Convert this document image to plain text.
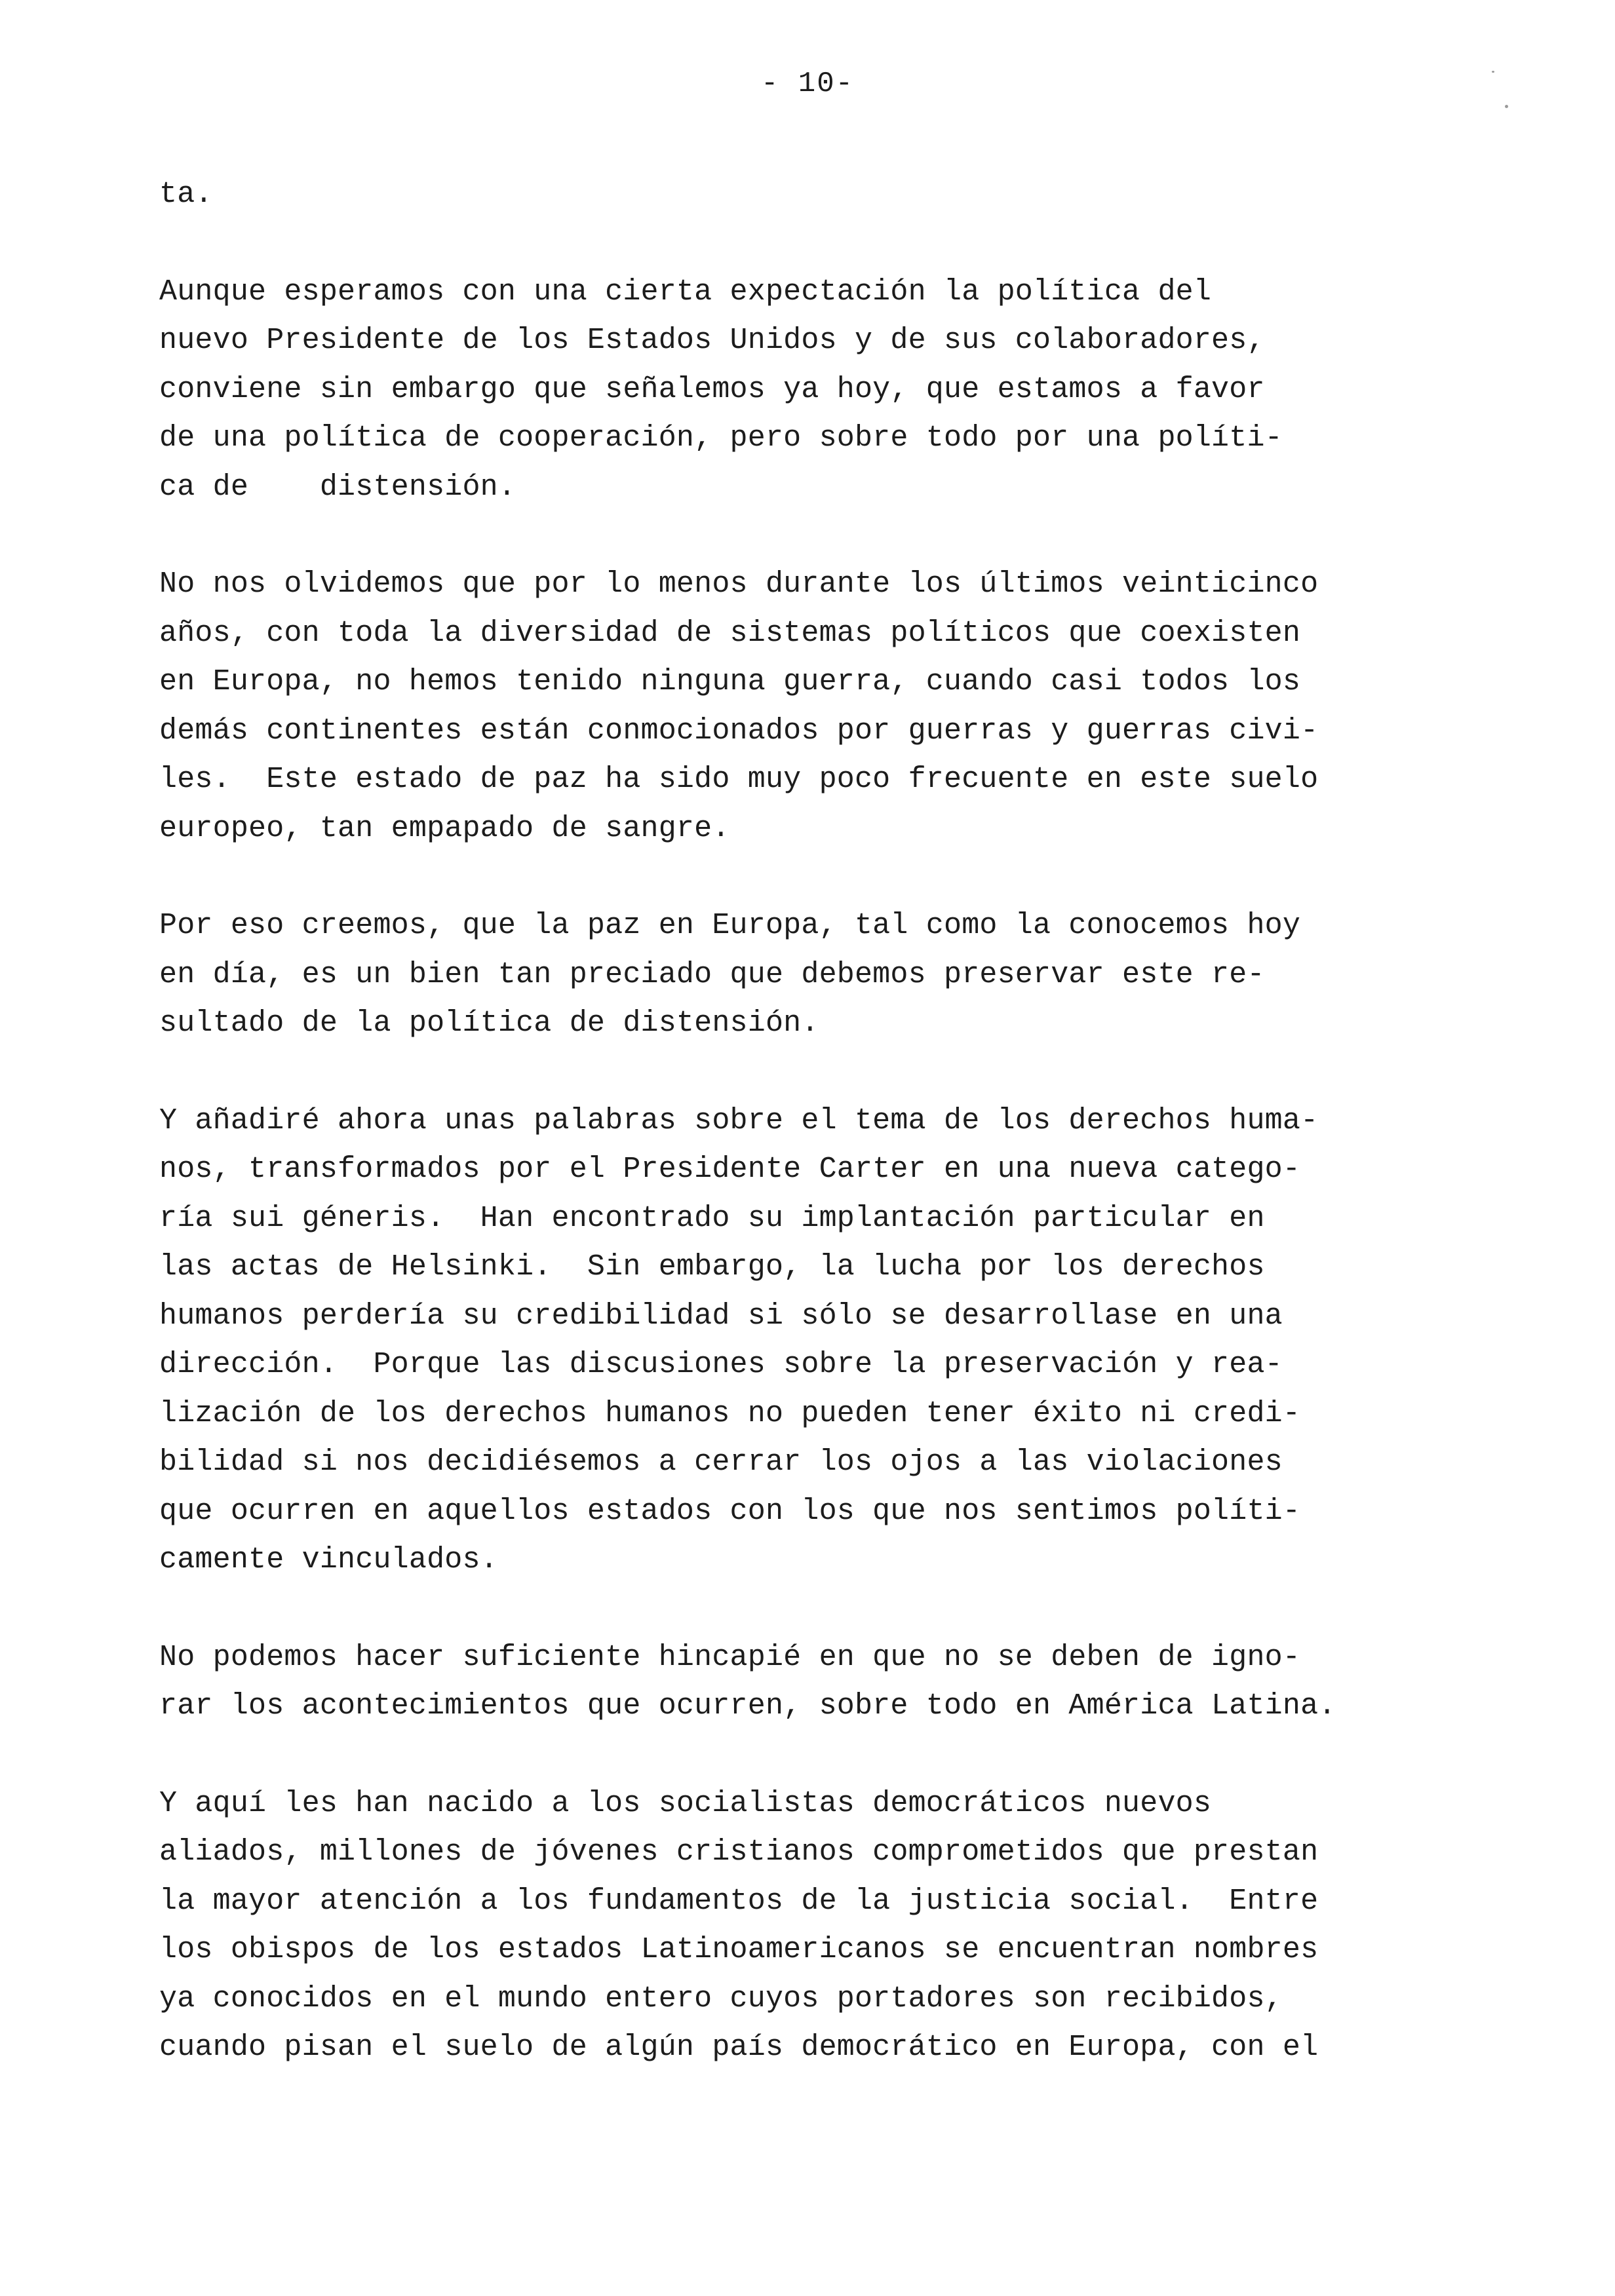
- 10-
ta.
Aunque esperamos con una cierta expectación la política del
nuevo Presidente de los Estados Unidos y de sus colaboradores,
conviene sin embargo que señalemos ya hoy, que estamos a favor
de una política de cooperación, pero sobre todo por una políti-
ca de    distensión.
No nos olvidemos que por lo menos durante los últimos veinticinco
años, con toda la diversidad de sistemas políticos que coexisten
en Europa, no hemos tenido ninguna guerra, cuando casi todos los
demás continentes están conmocionados por guerras y guerras civi-
les.  Este estado de paz ha sido muy poco frecuente en este suelo
europeo, tan empapado de sangre.
Por eso creemos, que la paz en Europa, tal como la conocemos hoy
en día, es un bien tan preciado que debemos preservar este re-
sultado de la política de distensión.
Y añadiré ahora unas palabras sobre el tema de los derechos huma-
nos, transformados por el Presidente Carter en una nueva catego-
ría sui géneris.  Han encontrado su implantación particular en
las actas de Helsinki.  Sin embargo, la lucha por los derechos
humanos perdería su credibilidad si sólo se desarrollase en una
dirección.  Porque las discusiones sobre la preservación y rea-
lización de los derechos humanos no pueden tener éxito ni credi-
bilidad si nos decidiésemos a cerrar los ojos a las violaciones
que ocurren en aquellos estados con los que nos sentimos políti-
camente vinculados.
No podemos hacer suficiente hincapié en que no se deben de igno-
rar los acontecimientos que ocurren, sobre todo en América Latina.
Y aquí les han nacido a los socialistas democráticos nuevos
aliados, millones de jóvenes cristianos comprometidos que prestan
la mayor atención a los fundamentos de la justicia social.  Entre
los obispos de los estados Latinoamericanos se encuentran nombres
ya conocidos en el mundo entero cuyos portadores son recibidos,
cuando pisan el suelo de algún país democrático en Europa, con el
